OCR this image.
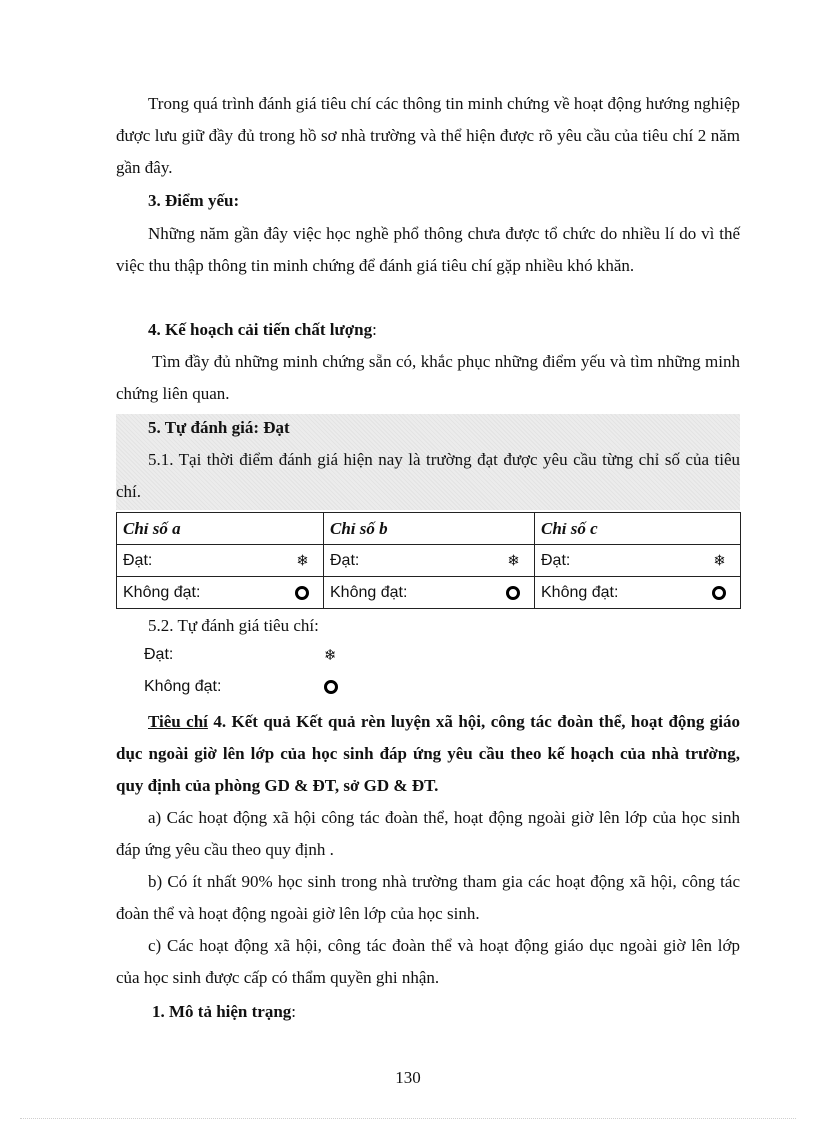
Trong quá trình đánh giá tiêu chí các thông tin minh chứng về hoạt động hướng nghiệp được lưu giữ đầy đủ trong hồ sơ nhà trường và thể hiện được rõ yêu cầu của tiêu chí 2 năm gần đây.

3. Điểm yếu:

Những năm gần đây việc học nghề phổ thông chưa được tổ chức do nhiều lí do vì thế việc thu thập thông tin minh chứng để đánh giá tiêu chí gặp nhiều khó khăn.

4. Kế hoạch cải tiến chất lượng:

Tìm đầy đủ những minh chứng sẵn có, khắc phục những điểm yếu và tìm những minh chứng liên quan.

5. Tự đánh giá: Đạt

5.1. Tại thời điểm đánh giá hiện nay là trường đạt được yêu cầu từng chỉ số của tiêu chí.

Chỉ số a	Chỉ số b	Chỉ số c
Đạt: ❄	Đạt: ❄	Đạt: ❄

Không đạt:	Không đạt:	Không đạt:

5.2. Tự đánh giá tiêu chí:

Đạt:	❄
Không đạt:

Tiêu chí 4. Kết quả Kết quả rèn luyện xã hội, công tác đoàn thể, hoạt động giáo dục ngoài giờ lên lớp của học sinh đáp ứng yêu cầu theo kế hoạch của nhà trường, quy định của phòng GD & ĐT, sở GD & ĐT.

a) Các hoạt động xã hội công tác đoàn thể, hoạt động ngoài giờ lên lớp của học sinh đáp ứng yêu cầu theo quy định .

b) Có ít nhất 90% học sinh trong nhà trường tham gia các hoạt động xã hội, công tác đoàn thể và hoạt động ngoài giờ lên lớp của học sinh.

c) Các hoạt động xã hội, công tác đoàn thể và hoạt động giáo dục ngoài giờ lên lớp của học sinh được cấp có thẩm quyền ghi nhận.

1. Mô tả hiện trạng:
130
